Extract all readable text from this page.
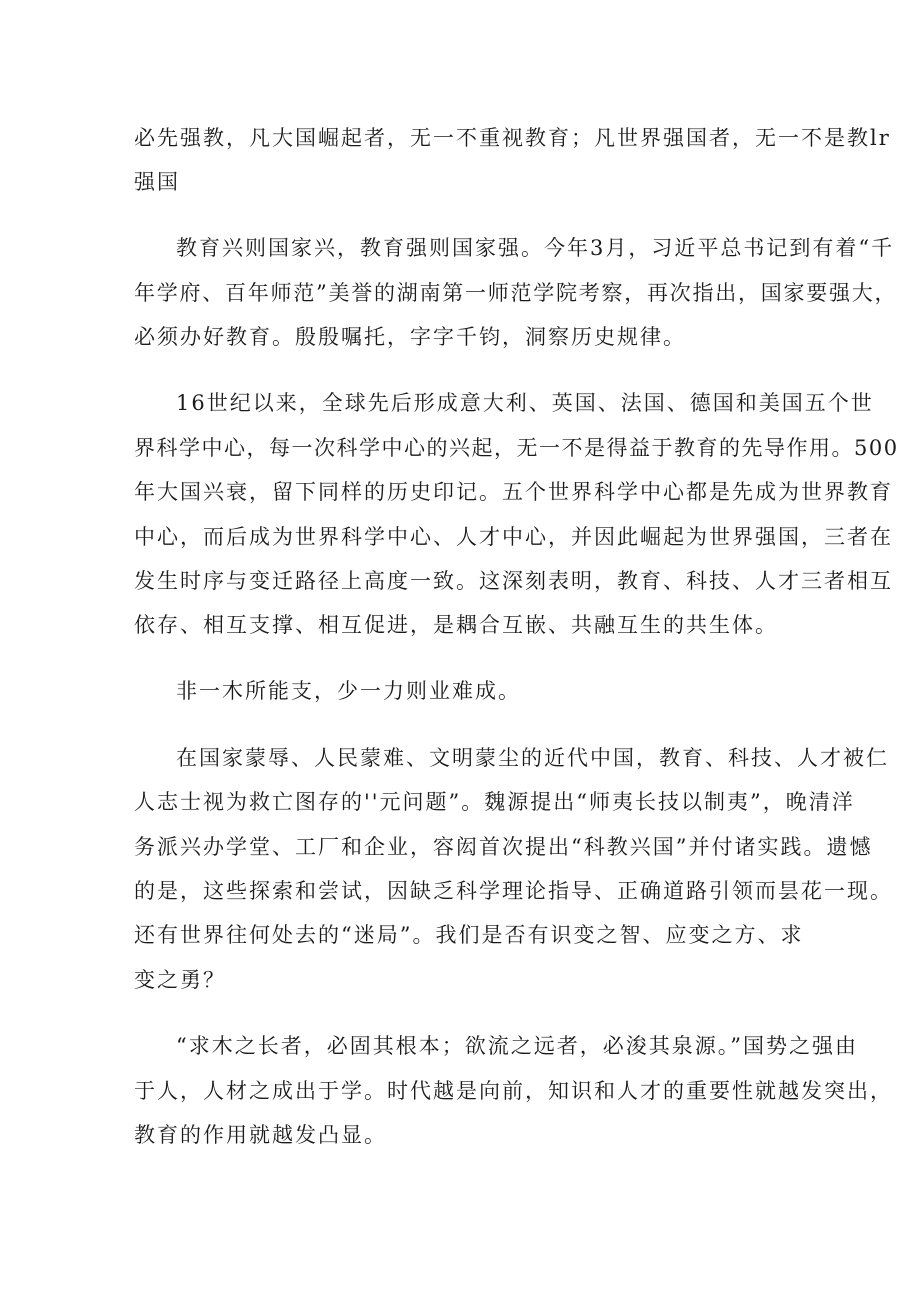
必先强教，凡大国崛起者，无一不重视教育；凡世界强国者，无一不是教lr
强国
教育兴则国家兴，教育强则国家强。今年3月，习近平总书记到有着“千
年学府、百年师范”美誉的湖南第一师范学院考察，再次指出，国家要强大，
必须办好教育。殷殷嘱托，字字千钧，洞察历史规律。
16世纪以来，全球先后形成意大利、英国、法国、德国和美国五个世
界科学中心，每一次科学中心的兴起，无一不是得益于教育的先导作用。500
年大国兴衰，留下同样的历史印记。五个世界科学中心都是先成为世界教育
中心，而后成为世界科学中心、人才中心，并因此崛起为世界强国，三者在
发生时序与变迁路径上高度一致。这深刻表明，教育、科技、人才三者相互
依存、相互支撑、相互促进，是耦合互嵌、共融互生的共生体。
非一木所能支，少一力则业难成。
在国家蒙辱、人民蒙难、文明蒙尘的近代中国，教育、科技、人才被仁
人志士视为救亡图存的''元问题”。魏源提出“师夷长技以制夷”，晚清洋
务派兴办学堂、工厂和企业，容闳首次提出“科教兴国”并付诸实践。遗憾
的是，这些探索和尝试，因缺乏科学理论指导、正确道路引领而昙花一现。
还有世界往何处去的“迷局”。我们是否有识变之智、应变之方、求
变之勇？
“求木之长者，必固其根本；欲流之远者，必浚其泉源。”国势之强由
于人，人材之成出于学。时代越是向前，知识和人才的重要性就越发突出，
教育的作用就越发凸显。
